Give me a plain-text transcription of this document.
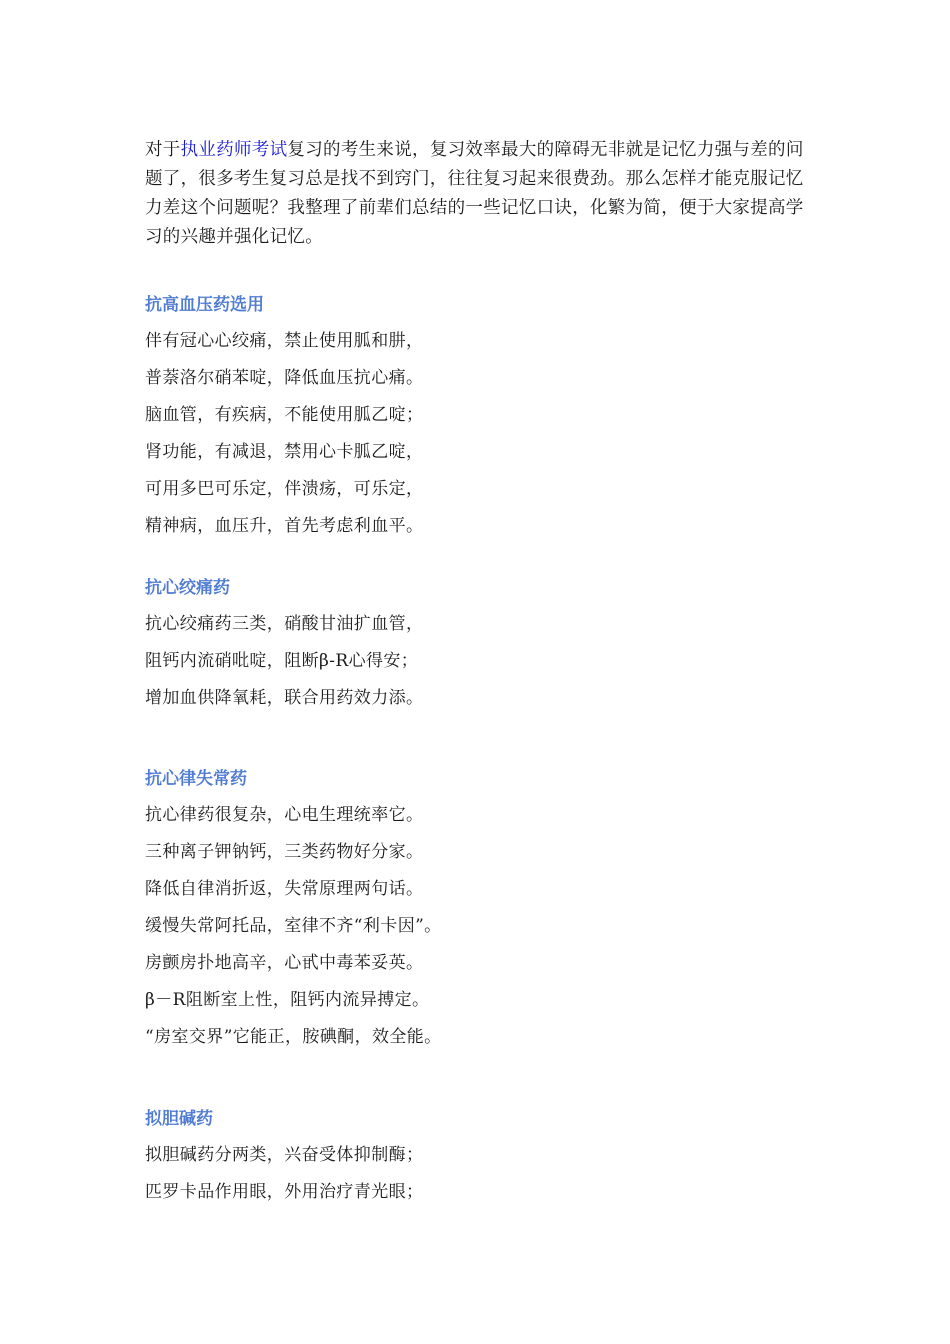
对于执业药师考试复习的考生来说，复习效率最大的障碍无非就是记忆力强与差的问题了，很多考生复习总是找不到窍门，往往复习起来很费劲。那么怎样才能克服记忆力差这个问题呢？我整理了前辈们总结的一些记忆口诀，化繁为简，便于大家提高学习的兴趣并强化记忆。
抗高血压药选用
伴有冠心心绞痛，禁止使用胍和肼，
普萘洛尔硝苯啶，降低血压抗心痛。
脑血管，有疾病，不能使用胍乙啶；
肾功能，有减退，禁用心卡胍乙啶，
可用多巴可乐定，伴溃疡，可乐定，
精神病，血压升，首先考虑利血平。
抗心绞痛药
抗心绞痛药三类，硝酸甘油扩血管，
阻钙内流硝吡啶，阻断β-R心得安；
增加血供降氧耗，联合用药效力添。
抗心律失常药
抗心律药很复杂，心电生理统率它。
三种离子钾钠钙，三类药物好分家。
降低自律消折返，失常原理两句话。
缓慢失常阿托品，室律不齐“利卡因”。
房颤房扑地高辛，心甙中毒苯妥英。
β－R阻断室上性，阻钙内流异搏定。
“房室交界”它能正，胺碘酮，效全能。
拟胆碱药
拟胆碱药分两类，兴奋受体抑制酶；
匹罗卡品作用眼，外用治疗青光眼；
